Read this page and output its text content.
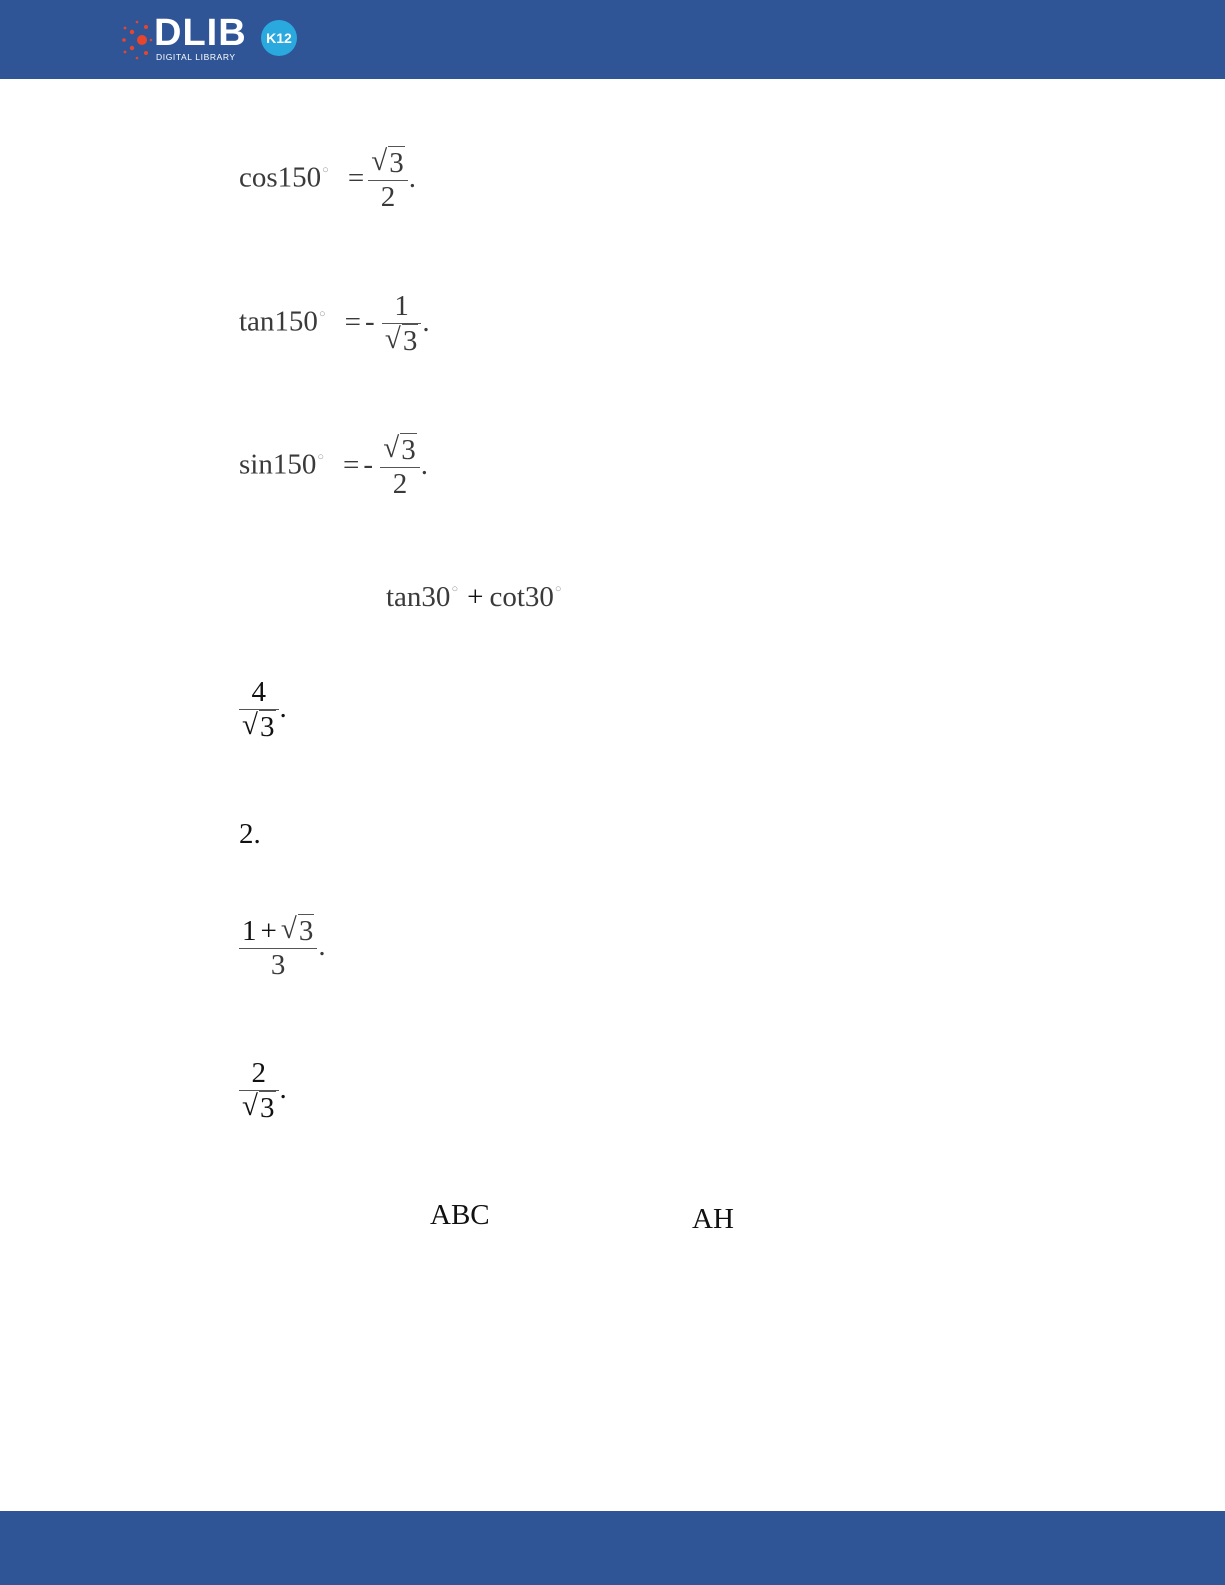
DLIB
DIGITAL LIBRARY
K12
$\cos 150^○ = \frac{√ 3}{2}$ .
tan150○ = - $\frac{1}{√ 3}$ .
sin150○ = - $\frac{√ 3}{2}$ .
tan30○ + cot30○
$\frac{4}{√ 3}$ .
2.
$\frac{1 + √ 3}{3}$ .
$\frac{2}{√ 3}$ .
ABC	AH
